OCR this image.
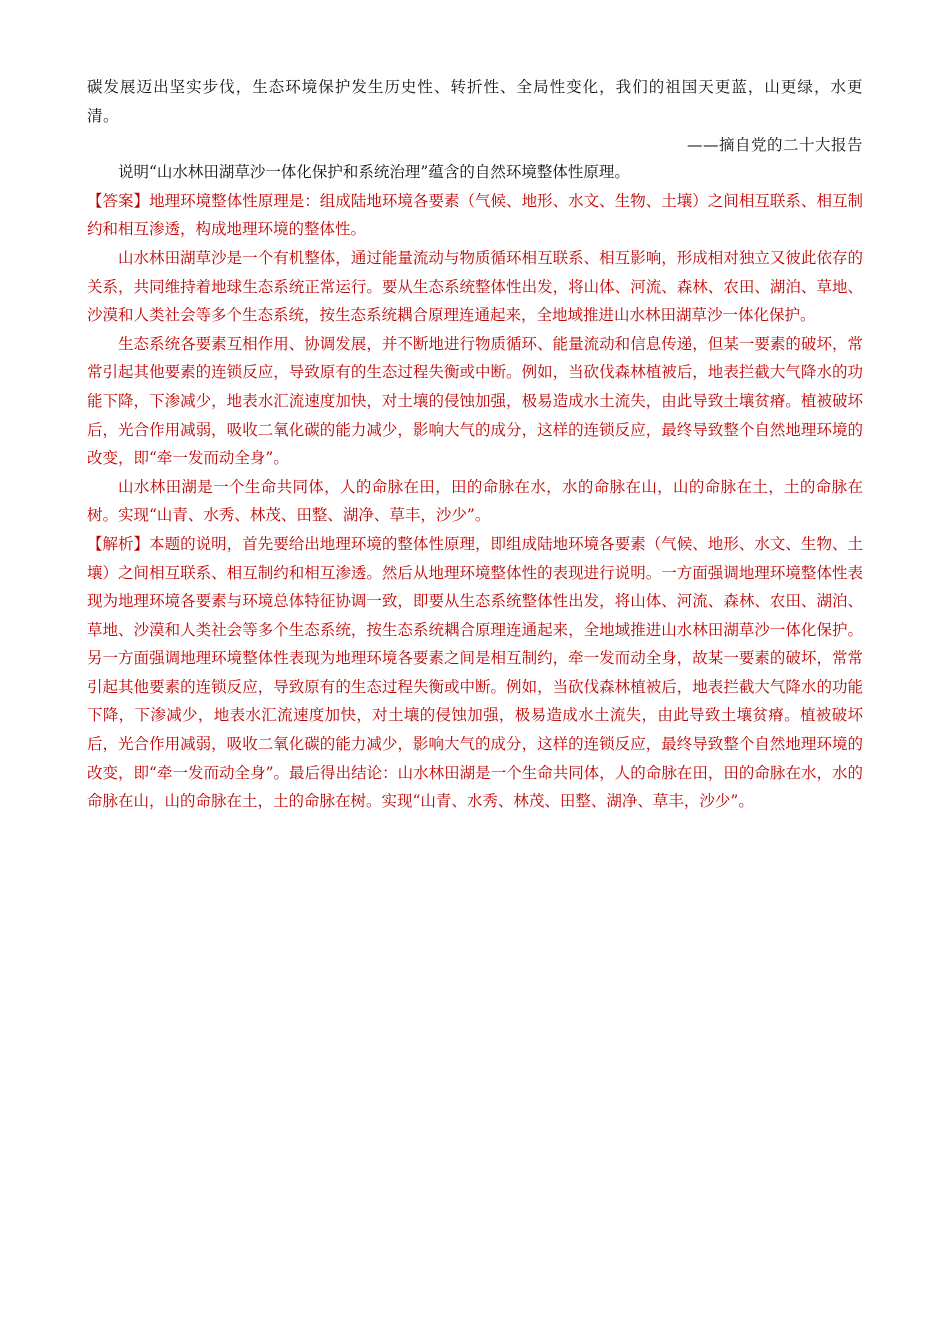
碳发展迈出坚实步伐，生态环境保护发生历史性、转折性、全局性变化，我们的祖国天更蓝，山更绿，水更清。

——摘自党的二十大报告

说明“山水林田湖草沙一体化保护和系统治理”蕴含的自然环境整体性原理。

【答案】地理环境整体性原理是：组成陆地环境各要素（气候、地形、水文、生物、土壤）之间相互联系、相互制约和相互渗透，构成地理环境的整体性。

山水林田湖草沙是一个有机整体，通过能量流动与物质循环相互联系、相互影响，形成相对独立又彼此依存的关系，共同维持着地球生态系统正常运行。要从生态系统整体性出发，将山体、河流、森林、农田、湖泊、草地、沙漠和人类社会等多个生态系统，按生态系统耦合原理连通起来，全地域推进山水林田湖草沙一体化保护。

生态系统各要素互相作用、协调发展，并不断地进行物质循环、能量流动和信息传递，但某一要素的破坏，常常引起其他要素的连锁反应，导致原有的生态过程失衡或中断。例如，当砍伐森林植被后，地表拦截大气降水的功能下降，下渗减少，地表水汇流速度加快，对土壤的侵蚀加强，极易造成水土流失，由此导致土壤贫瘠。植被破坏后，光合作用减弱，吸收二氧化碳的能力减少，影响大气的成分，这样的连锁反应，最终导致整个自然地理环境的改变，即“牵一发而动全身”。

山水林田湖是一个生命共同体，人的命脉在田，田的命脉在水，水的命脉在山，山的命脉在土，土的命脉在树。实现“山青、水秀、林茂、田整、湖净、草丰，沙少”。

【解析】本题的说明，首先要给出地理环境的整体性原理，即组成陆地环境各要素（气候、地形、水文、生物、土壤）之间相互联系、相互制约和相互渗透。然后从地理环境整体性的表现进行说明。一方面强调地理环境整体性表现为地理环境各要素与环境总体特征协调一致，即要从生态系统整体性出发，将山体、河流、森林、农田、湖泊、草地、沙漠和人类社会等多个生态系统，按生态系统耦合原理连通起来，全地域推进山水林田湖草沙一体化保护。另一方面强调地理环境整体性表现为地理环境各要素之间是相互制约，牵一发而动全身，故某一要素的破坏，常常引起其他要素的连锁反应，导致原有的生态过程失衡或中断。例如，当砍伐森林植被后，地表拦截大气降水的功能下降，下渗减少，地表水汇流速度加快，对土壤的侵蚀加强，极易造成水土流失，由此导致土壤贫瘠。植被破坏后，光合作用减弱，吸收二氧化碳的能力减少，影响大气的成分，这样的连锁反应，最终导致整个自然地理环境的改变，即“牵一发而动全身”。最后得出结论：山水林田湖是一个生命共同体，人的命脉在田，田的命脉在水，水的命脉在山，山的命脉在土，土的命脉在树。实现“山青、水秀、林茂、田整、湖净、草丰，沙少”。
